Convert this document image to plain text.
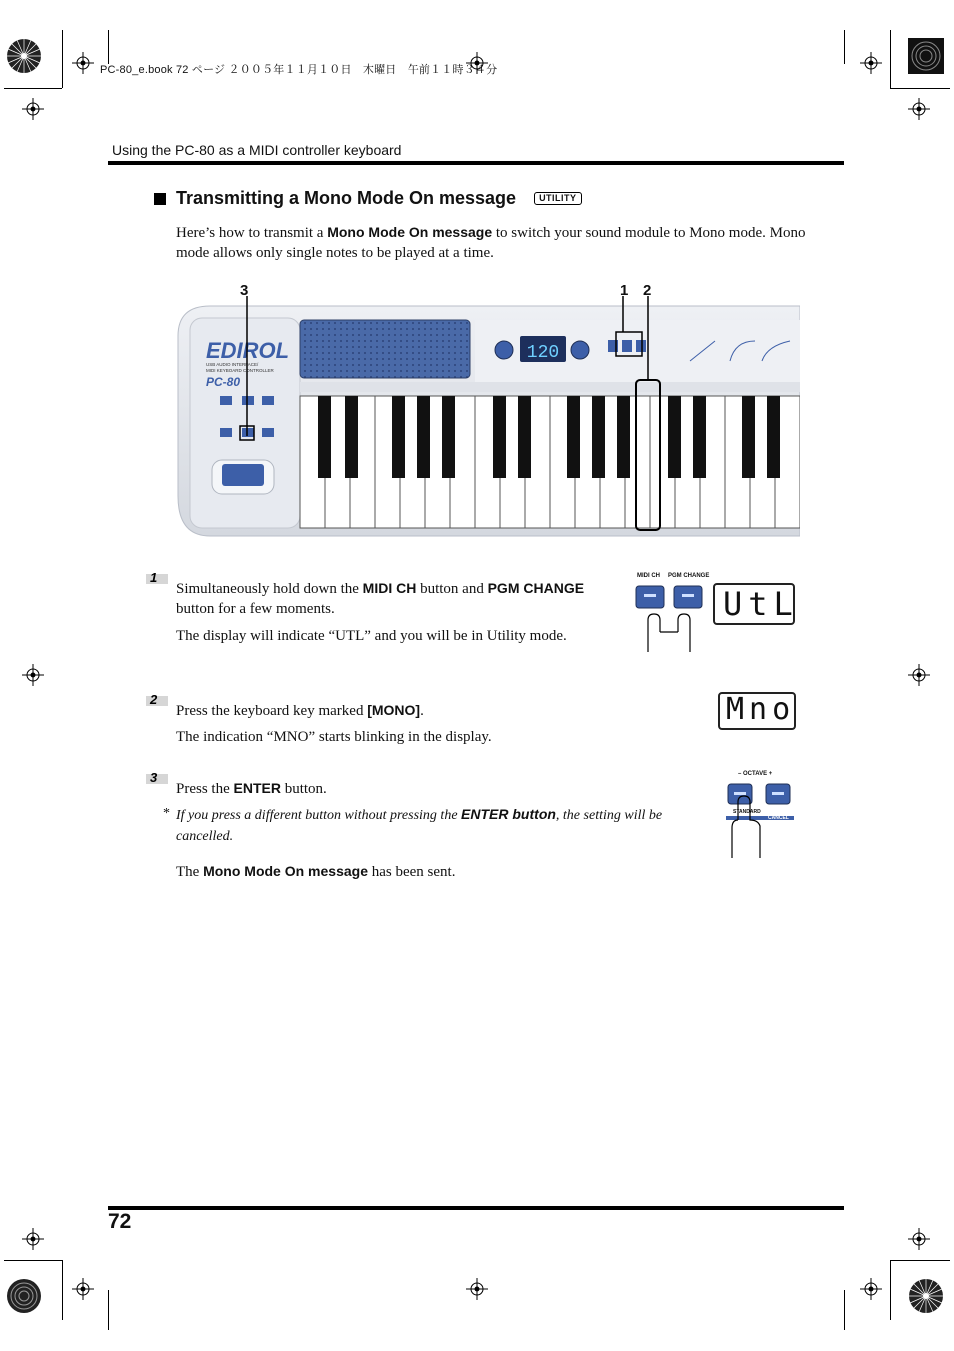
PC-80_e.book 72 ページ ２００５年１１月１０日　木曜日　午前１１時３４分
Using the PC-80 as a MIDI controller keyboard
Transmitting a Mono Mode On message	UTILITY
Here’s how to transmit a Mono Mode On message to switch your sound module to Mono mode. Mono mode allows only single notes to be played at a time.
3	1 2
120
EDIROL
USB AUDIO INTERFACE/
MIDI KEYBOARD CONTROLLER
PC-80
1
Simultaneously hold down the MIDI CH button and PGM CHANGE
button for a few moments.
The display will indicate “UTL” and you will be in Utility mode.
MIDI CH PGM CHANGE
UtL
2
Press the keyboard key marked [MONO].
The indication “MNO” starts blinking in the display.
Mno
3
Press the ENTER button.
* If you press a different button without pressing the ENTER button, the setting will be cancelled.
The Mono Mode On message has been sent.
– OCTAVE +
STANDARD
CANCEL
72
